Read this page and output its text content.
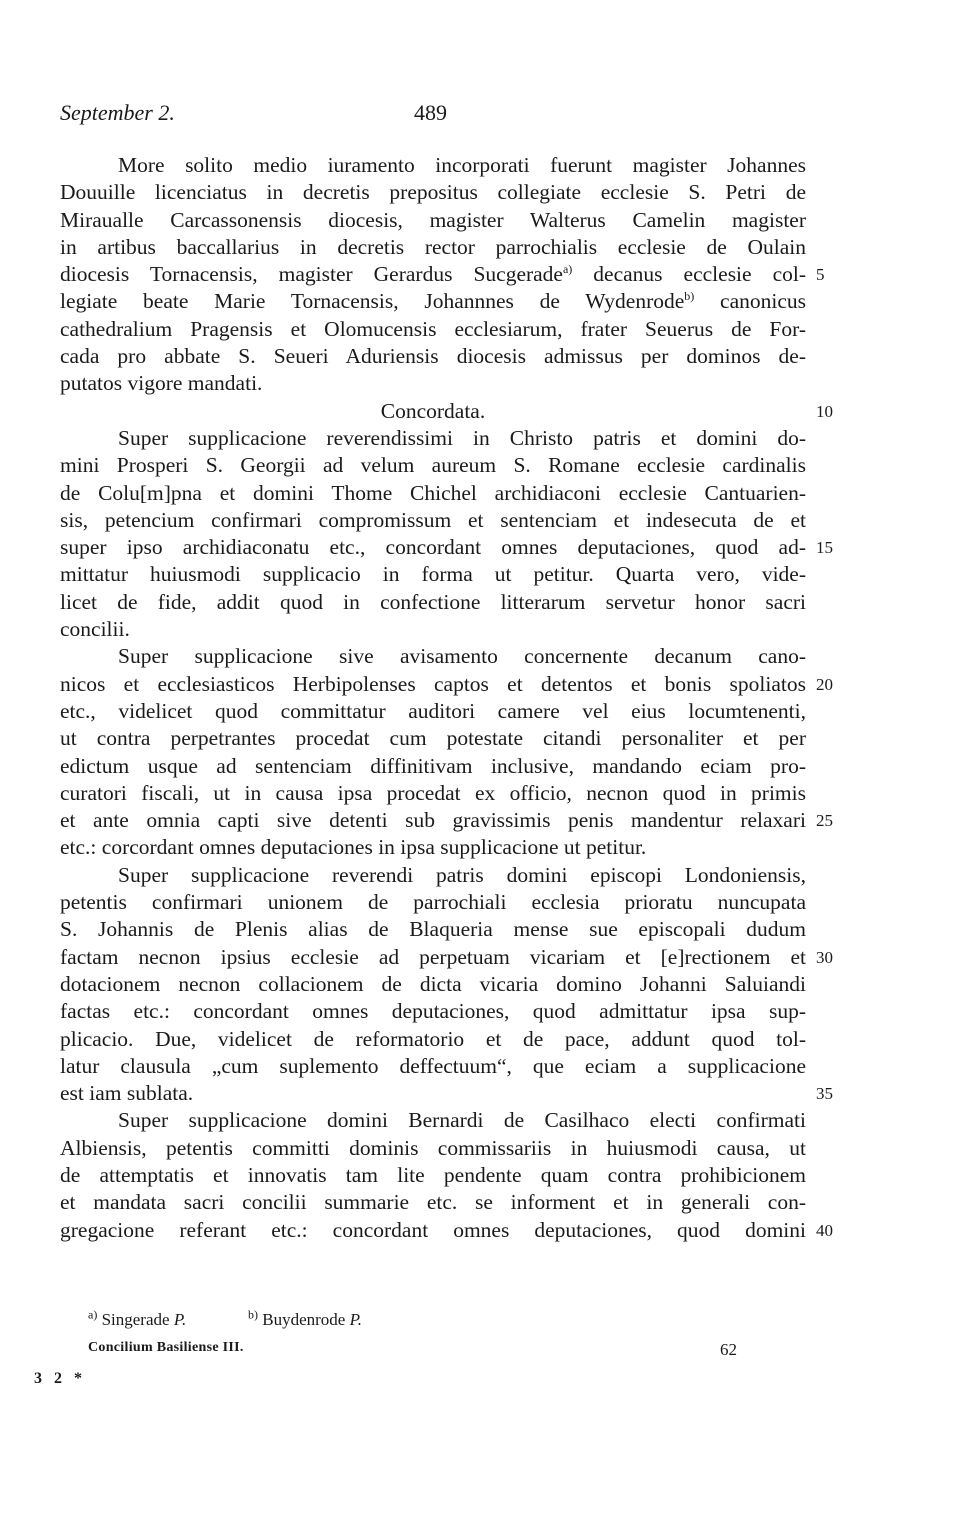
September 2.	489
More solito medio iuramento incorporati fuerunt magister Johannes
Douuille licenciatus in decretis prepositus collegiate ecclesie S. Petri de
Miraualle Carcassonensis diocesis, magister Walterus Camelin magister
in artibus baccallarius in decretis rector parrochialis ecclesie de Oulain
diocesis Tornacensis, magister Gerardus Sucgerade$^{a)}$ decanus ecclesie col- 5
legiate beate Marie Tornacensis, Johannnes de Wydenrode$^{b)}$ canonicus
cathedralium Pragensis et Olomucensis ecclesiarum, frater Seuerus de For-
cada pro abbate S. Seueri Aduriensis diocesis admissus per dominos de-
putatos vigore mandati.
Concordata.	10
Super supplicacione reverendissimi in Christo patris et domini do-
mini Prosperi S. Georgii ad velum aureum S. Romane ecclesie cardinalis
de Colu[m]pna et domini Thome Chichel archidiaconi ecclesie Cantuarien-
sis, petencium confirmari compromissum et sentenciam et indesecuta de et
super ipso archidiaconatu etc., concordant omnes deputaciones, quod ad- 15
mittatur huiusmodi supplicacio in forma ut petitur. Quarta vero, vide-
licet de fide, addit quod in confectione litterarum servetur honor sacri
concilii.
Super supplicacione sive avisamento concernente decanum cano-
nicos et ecclesiasticos Herbipolenses captos et detentos et bonis spoliatos 20
etc., videlicet quod committatur auditori camere vel eius locumtenenti,
ut contra perpetrantes procedat cum potestate citandi personaliter et per
edictum usque ad sentenciam diffinitivam inclusive, mandando eciam pro-
curatori fiscali, ut in causa ipsa procedat ex officio, necnon quod in primis
et ante omnia capti sive detenti sub gravissimis penis mandentur relaxari 25
etc.: corcordant omnes deputaciones in ipsa supplicacione ut petitur.
Super supplicacione reverendi patris domini episcopi Londoniensis,
petentis confirmari unionem de parrochiali ecclesia prioratu nuncupata
S. Johannis de Plenis alias de Blaqueria mense sue episcopali dudum
factam necnon ipsius ecclesie ad perpetuam vicariam et [e]rectionem et 30
dotacionem necnon collacionem de dicta vicaria domino Johanni Saluiandi
factas etc.: concordant omnes deputaciones, quod admittatur ipsa sup-
plicacio. Due, videlicet de reformatorio et de pace, addunt quod tol-
latur clausula „cum suplemento deffectuum“, que eciam a supplicacione
est iam sublata.	35
Super supplicacione domini Bernardi de Casilhaco electi confirmati
Albiensis, petentis committi dominis commissariis in huiusmodi causa, ut
de attemptatis et innovatis tam lite pendente quam contra prohibicionem
et mandata sacri concilii summarie etc. se informent et in generali con-
gregacione referant etc.: concordant omnes deputaciones, quod domini 40
$^{a)}$ Singerade P.	$^{b)}$ Buydenrode P.
Concilium Basiliense III.	62
3 2 *
